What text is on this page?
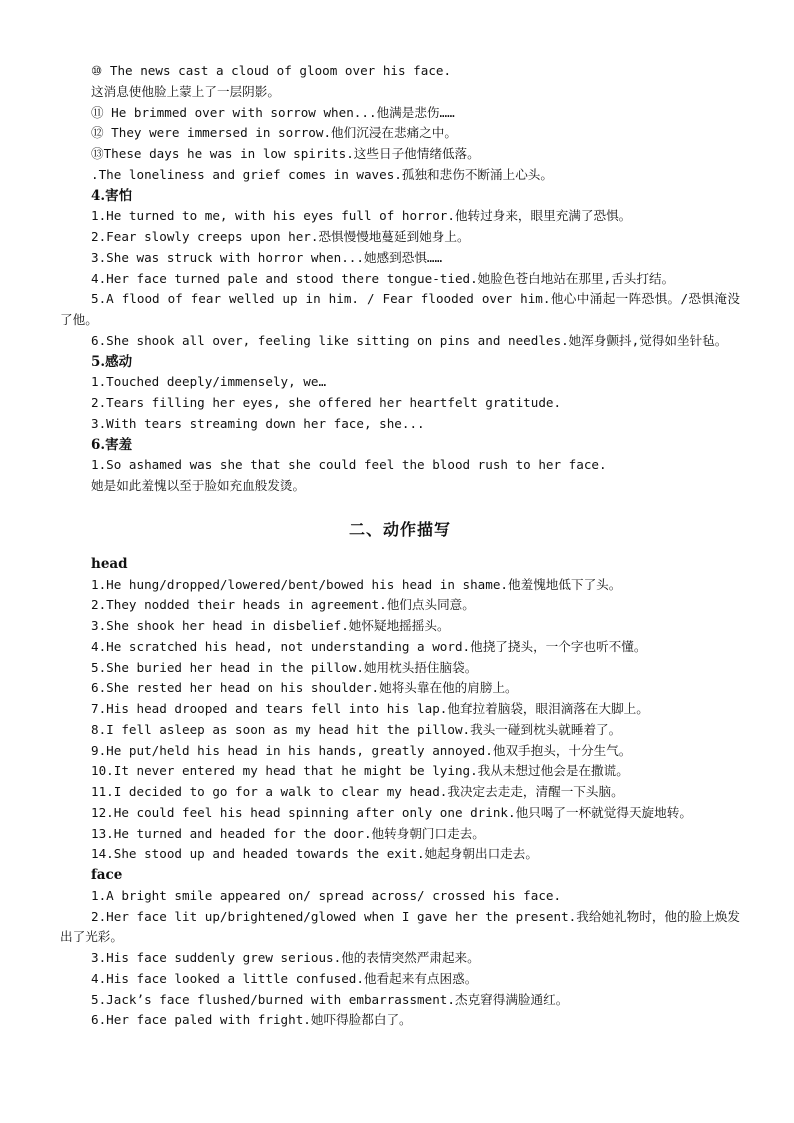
⑩ The news cast a cloud of gloom over his face.
这消息使他脸上蒙上了一层阴影。
⑪ He brimmed over with sorrow when...他满是悲伤……
⑫ They were immersed in sorrow.他们沉浸在悲痛之中。
⑬These days he was in low spirits.这些日子他情绪低落。
.The loneliness and grief comes in waves.孤独和悲伤不断涌上心头。
4.害怕
1.He turned to me, with his eyes full of horror.他转过身来，眼里充满了恐惧。
2.Fear slowly creeps upon her.恐惧慢慢地蔓延到她身上。
3.She was struck with horror when...她感到恐惧……
4.Her face turned pale and stood there tongue-tied.她脸色苍白地站在那里,舌头打结。
5.A flood of fear welled up in him. / Fear flooded over him.他心中涌起一阵恐惧。/恐惧淹没了他。
6.She shook all over, feeling like sitting on pins and needles.她浑身颤抖,觉得如坐针毡。
5.感动
1.Touched deeply/immensely, we…
2.Tears filling her eyes, she offered her heartfelt gratitude.
3.With tears streaming down her face, she...
6.害羞
1.So ashamed was she that she could feel the blood rush to her face.
她是如此羞愧以至于脸如充血般发烫。
二、动作描写
head
1.He hung/dropped/lowered/bent/bowed his head in shame.他羞愧地低下了头。
2.They nodded their heads in agreement.他们点头同意。
3.She shook her head in disbelief.她怀疑地摇摇头。
4.He scratched his head, not understanding a word.他挠了挠头，一个字也听不懂。
5.She buried her head in the pillow.她用枕头捂住脑袋。
6.She rested her head on his shoulder.她将头靠在他的肩膀上。
7.His head drooped and tears fell into his lap.他耷拉着脑袋，眼泪滴落在大脚上。
8.I fell asleep as soon as my head hit the pillow.我头一碰到枕头就睡着了。
9.He put/held his head in his hands, greatly annoyed.他双手抱头，十分生气。
10.It never entered my head that he might be lying.我从未想过他会是在撒谎。
11.I decided to go for a walk to clear my head.我决定去走走，清醒一下头脑。
12.He could feel his head spinning after only one drink.他只喝了一杯就觉得天旋地转。
13.He turned and headed for the door.他转身朝门口走去。
14.She stood up and headed towards the exit.她起身朝出口走去。
face
1.A bright smile appeared on/ spread across/ crossed his face.
2.Her face lit up/brightened/glowed when I gave her the present.我给她礼物时，他的脸上焕发出了光彩。
3.His face suddenly grew serious.他的表情突然严肃起来。
4.His face looked a little confused.他看起来有点困惑。
5.Jack’s face flushed/burned with embarrassment.杰克窘得满脸通红。
6.Her face paled with fright.她吓得脸都白了。
